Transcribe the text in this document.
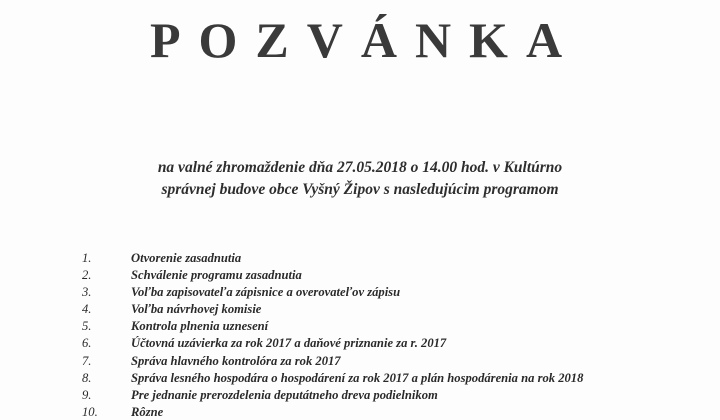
POZVÁNKA
na valné zhromaždenie dňa 27.05.2018 o 14.00 hod. v Kultúrno
správnej budove obce Vyšný Žipov s nasledujúcim programom
1.	Otvorenie zasadnutia
2.	Schválenie programu zasadnutia
3.	Voľba zapisovateľa zápisnice a overovateľov zápisu
4.	Voľba návrhovej komisie
5.	Kontrola plnenia uznesení
6.	Účtovná uzávierka za rok 2017 a daňové priznanie za r. 2017
7.	Správa hlavného kontrolóra za rok 2017
8.	Správa lesného hospodára o hospodárení za rok 2017 a plán hospodárenia na rok 2018
9.	Pre jednanie prerozdelenia deputátneho dreva podielnikom
10.	Rôzne
